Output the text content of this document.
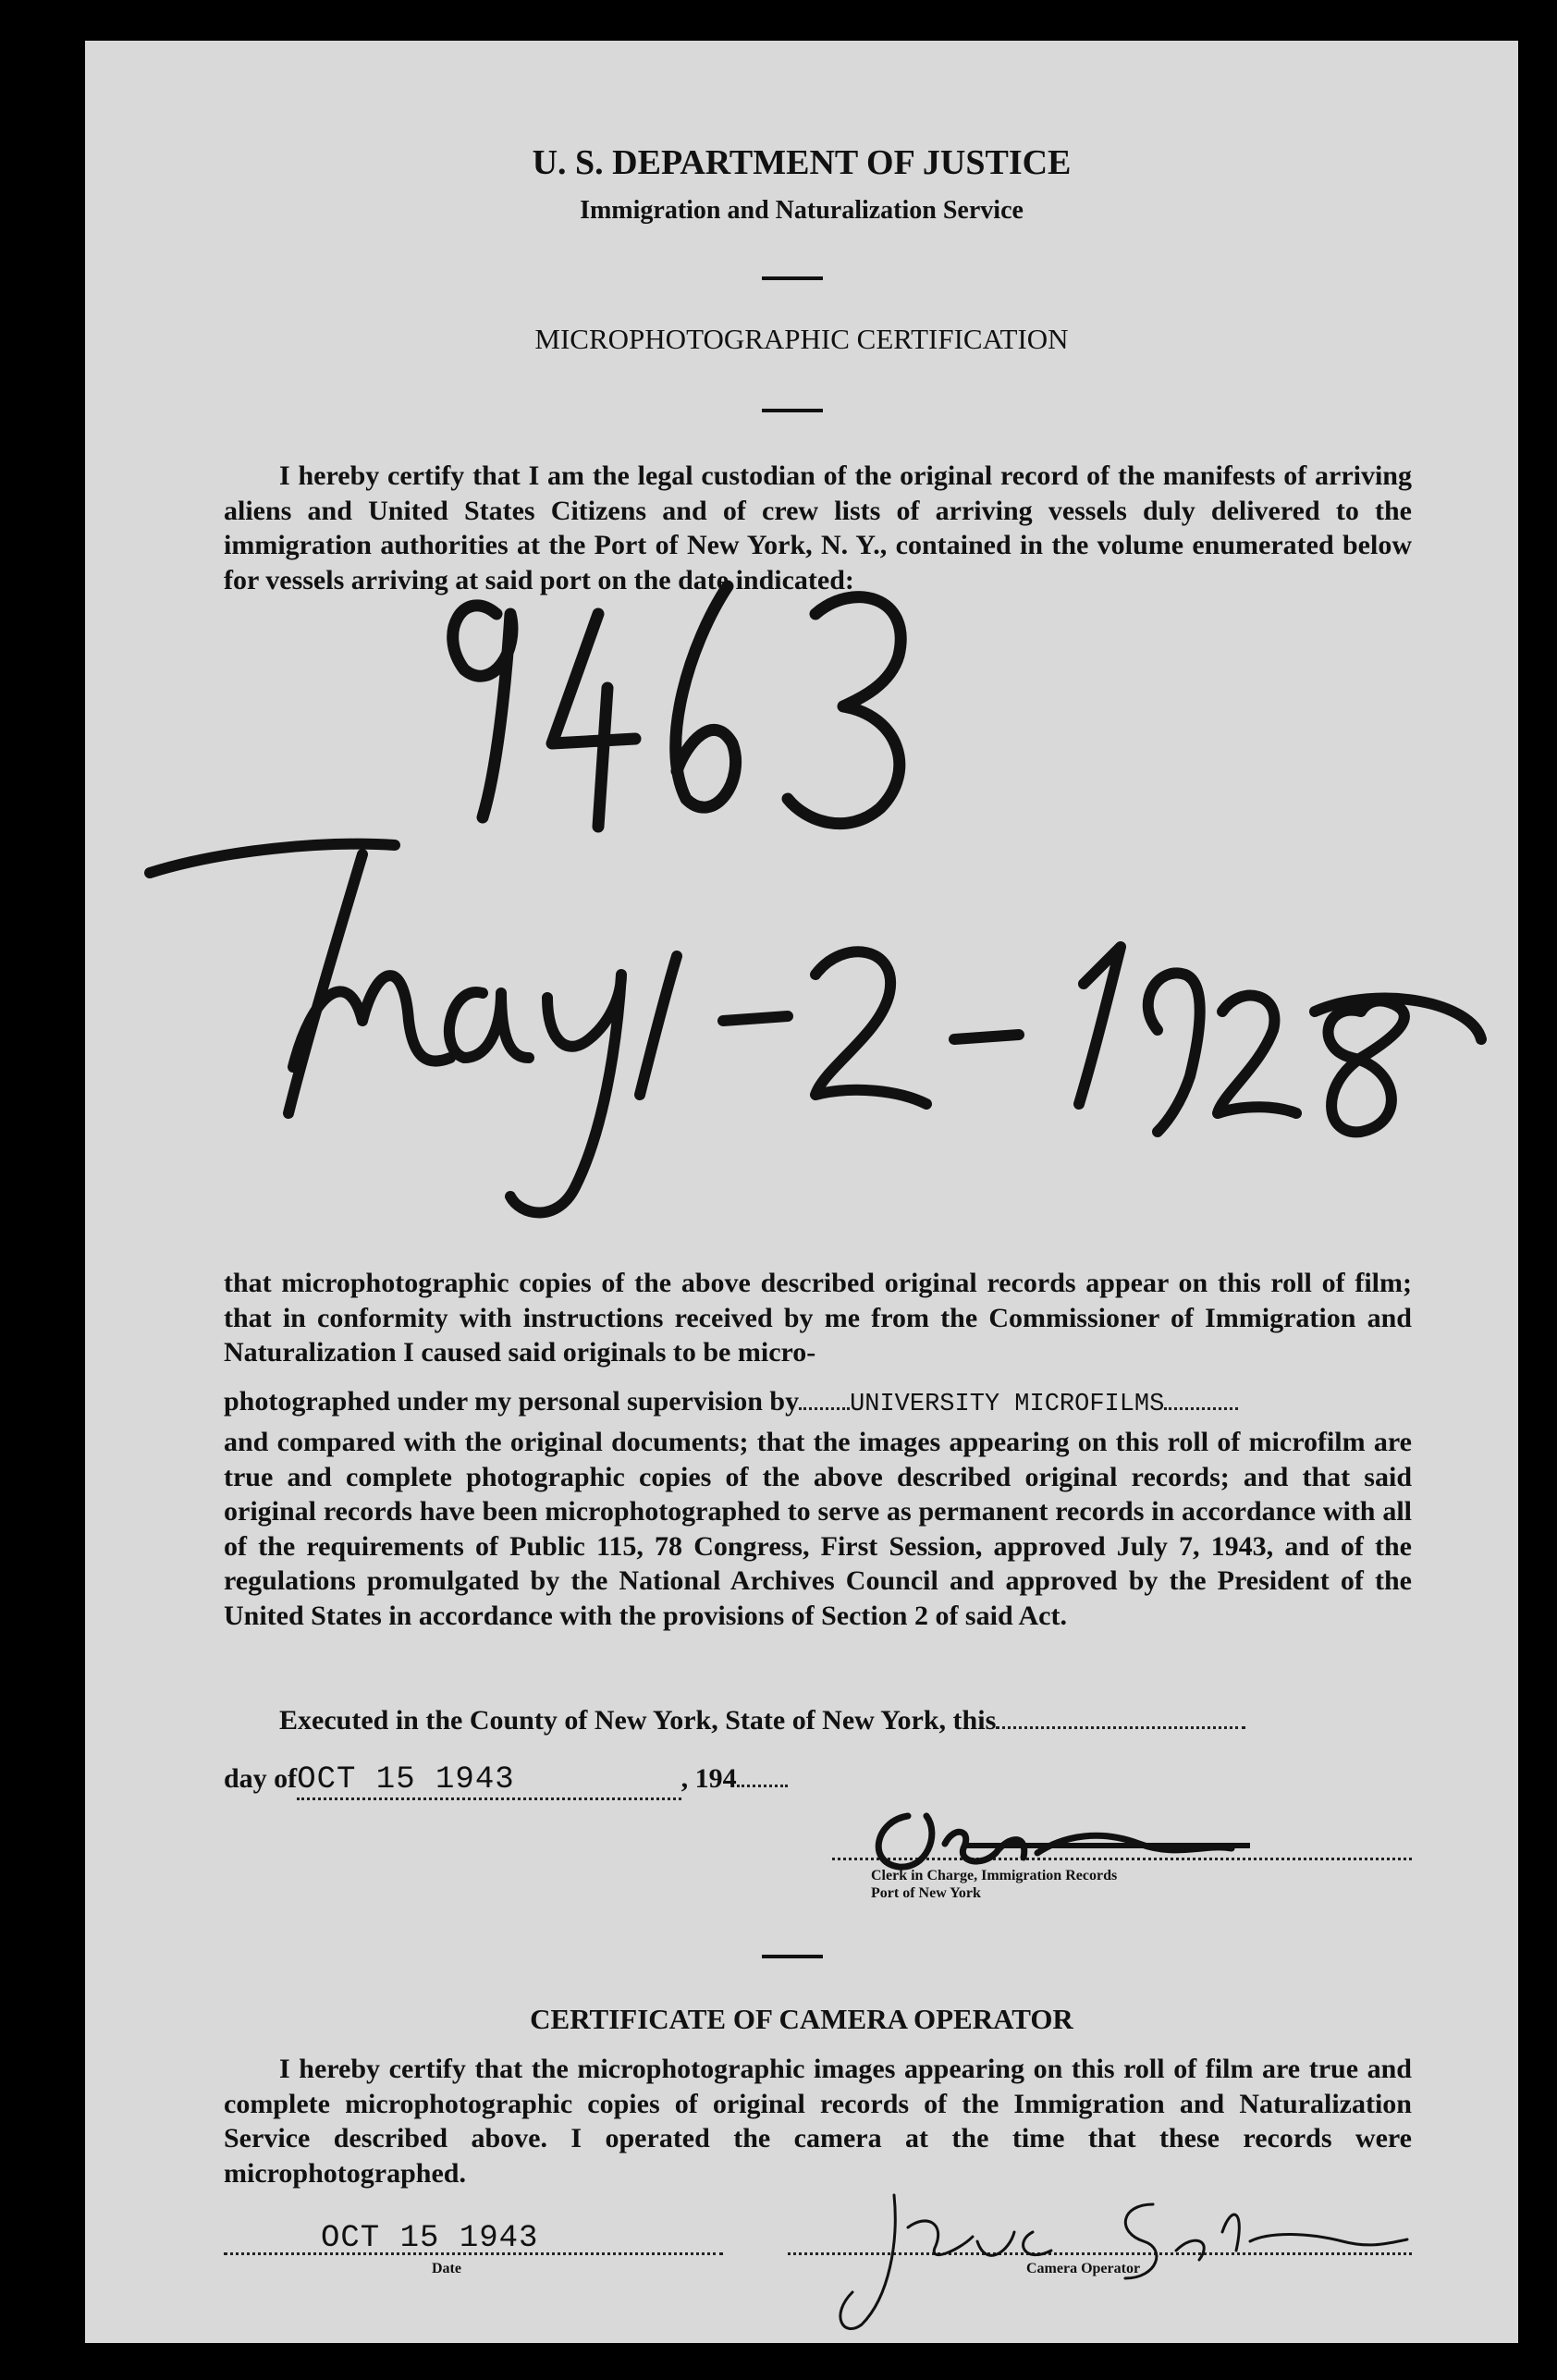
U. S. DEPARTMENT OF JUSTICE
Immigration and Naturalization Service
MICROPHOTOGRAPHIC CERTIFICATION
I hereby certify that I am the legal custodian of the original record of the manifests of arriving aliens and United States Citizens and of crew lists of arriving vessels duly delivered to the immigration authorities at the Port of New York, N. Y., contained in the volume enumerated below for vessels arriving at said port on the date indicated:
that microphotographic copies of the above described original records appear on this roll of film; that in conformity with instructions received by me from the Commissioner of Immigration and Naturalization I caused said originals to be micro-
photographed under my personal supervision by UNIVERSITY MICROFILMS
and compared with the original documents; that the images appearing on this roll of microfilm are true and complete photographic copies of the above described original records; and that said original records have been microphotographed to serve as permanent records in accordance with all of the requirements of Public 115, 78 Congress, First Session, approved July 7, 1943, and of the regulations promulgated by the National Archives Council and approved by the President of the United States in accordance with the provisions of Section 2 of said Act.
Executed in the County of New York, State of New York, this
day ofOCT 15 1943	, 194
Clerk in Charge, Immigration Records
Port of New York
CERTIFICATE OF CAMERA OPERATOR
I hereby certify that the microphotographic images appearing on this roll of film are true and complete microphotographic copies of original records of the Immigration and Naturalization Service described above. I operated the camera at the time that these records were microphotographed.
OCT 15 1943
Date	Camera Operator
